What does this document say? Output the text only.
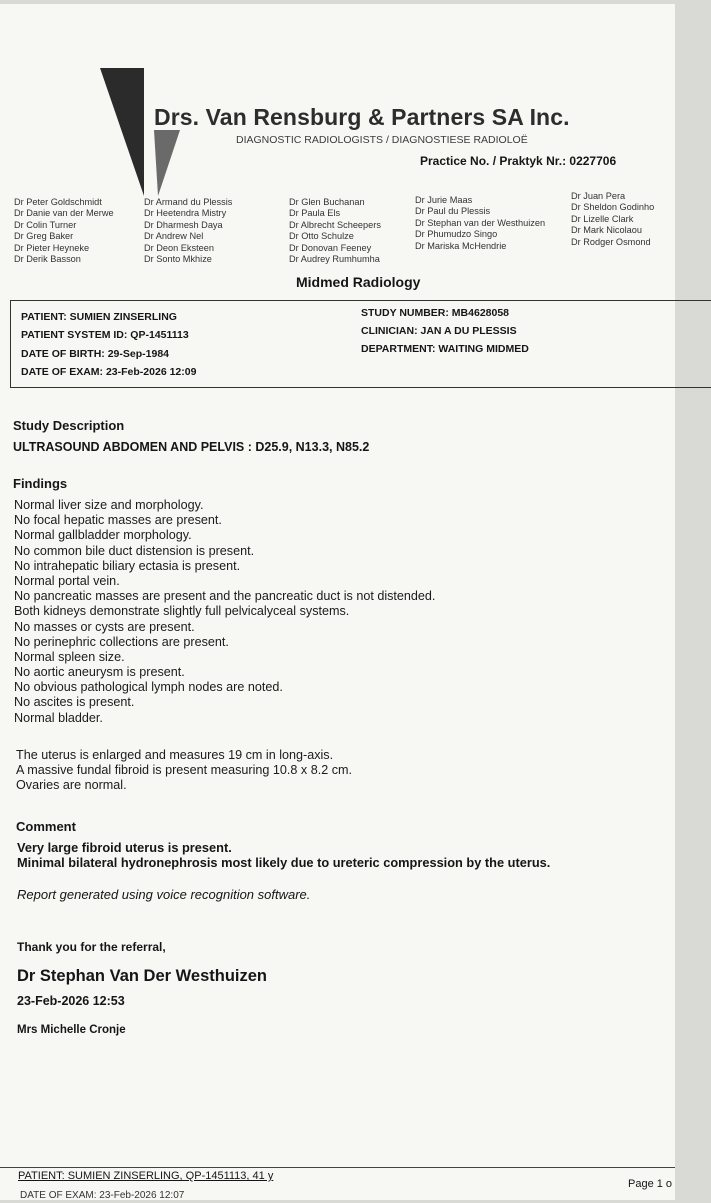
Drs. Van Rensburg & Partners SA Inc.
DIAGNOSTIC RADIOLOGISTS / DIAGNOSTIESE RADIOLOË
Practice No. / Praktyk Nr.: 0227706
Dr Peter Goldschmidt
Dr Danie van der Merwe
Dr Colin Turner
Dr Greg Baker
Dr Pieter Heyneke
Dr Derik Basson
Dr Armand du Plessis
Dr Heetendra Mistry
Dr Dharmesh Daya
Dr Andrew Nel
Dr Deon Eksteen
Dr Sonto Mkhize
Dr Glen Buchanan
Dr Paula Els
Dr Albrecht Scheepers
Dr Otto Schulze
Dr Donovan Feeney
Dr Audrey Rumhumha
Dr Jurie Maas
Dr Paul du Plessis
Dr Stephan van der Westhuizen
Dr Phumudzo Singo
Dr Mariska McHendrie
Dr Juan Pera
Dr Sheldon Godinho
Dr Lizelle Clark
Dr Mark Nicolaou
Dr Rodger Osmond
Midmed Radiology
PATIENT: SUMIEN ZINSERLING
PATIENT SYSTEM ID: QP-1451113
DATE OF BIRTH: 29-Sep-1984
DATE OF EXAM: 23-Feb-2026 12:09
STUDY NUMBER: MB4628058
CLINICIAN: JAN A DU PLESSIS
DEPARTMENT: WAITING MIDMED
Study Description
ULTRASOUND ABDOMEN AND PELVIS : D25.9, N13.3, N85.2
Findings
Normal liver size and morphology.
No focal hepatic masses are present.
Normal gallbladder morphology.
No common bile duct distension is present.
No intrahepatic biliary ectasia is present.
Normal portal vein.
No pancreatic masses are present and the pancreatic duct is not distended.
Both kidneys demonstrate slightly full pelvicalyceal systems.
No masses or cysts are present.
No perinephric collections are present.
Normal spleen size.
No aortic aneurysm is present.
No obvious pathological lymph nodes are noted.
No ascites is present.
Normal bladder.
The uterus is enlarged and measures 19 cm in long-axis.
A massive fundal fibroid is present measuring 10.8 x 8.2 cm.
Ovaries are normal.
Comment
Very large fibroid uterus is present.
Minimal bilateral hydronephrosis most likely due to ureteric compression by the uterus.
Report generated using voice recognition software.
Thank you for the referral,
Dr Stephan Van Der Westhuizen
23-Feb-2026 12:53
Mrs Michelle Cronje
PATIENT: SUMIEN ZINSERLING, QP-1451113, 41 y
Page 1 o
DATE OF EXAM: 23-Feb-2026 12:07
